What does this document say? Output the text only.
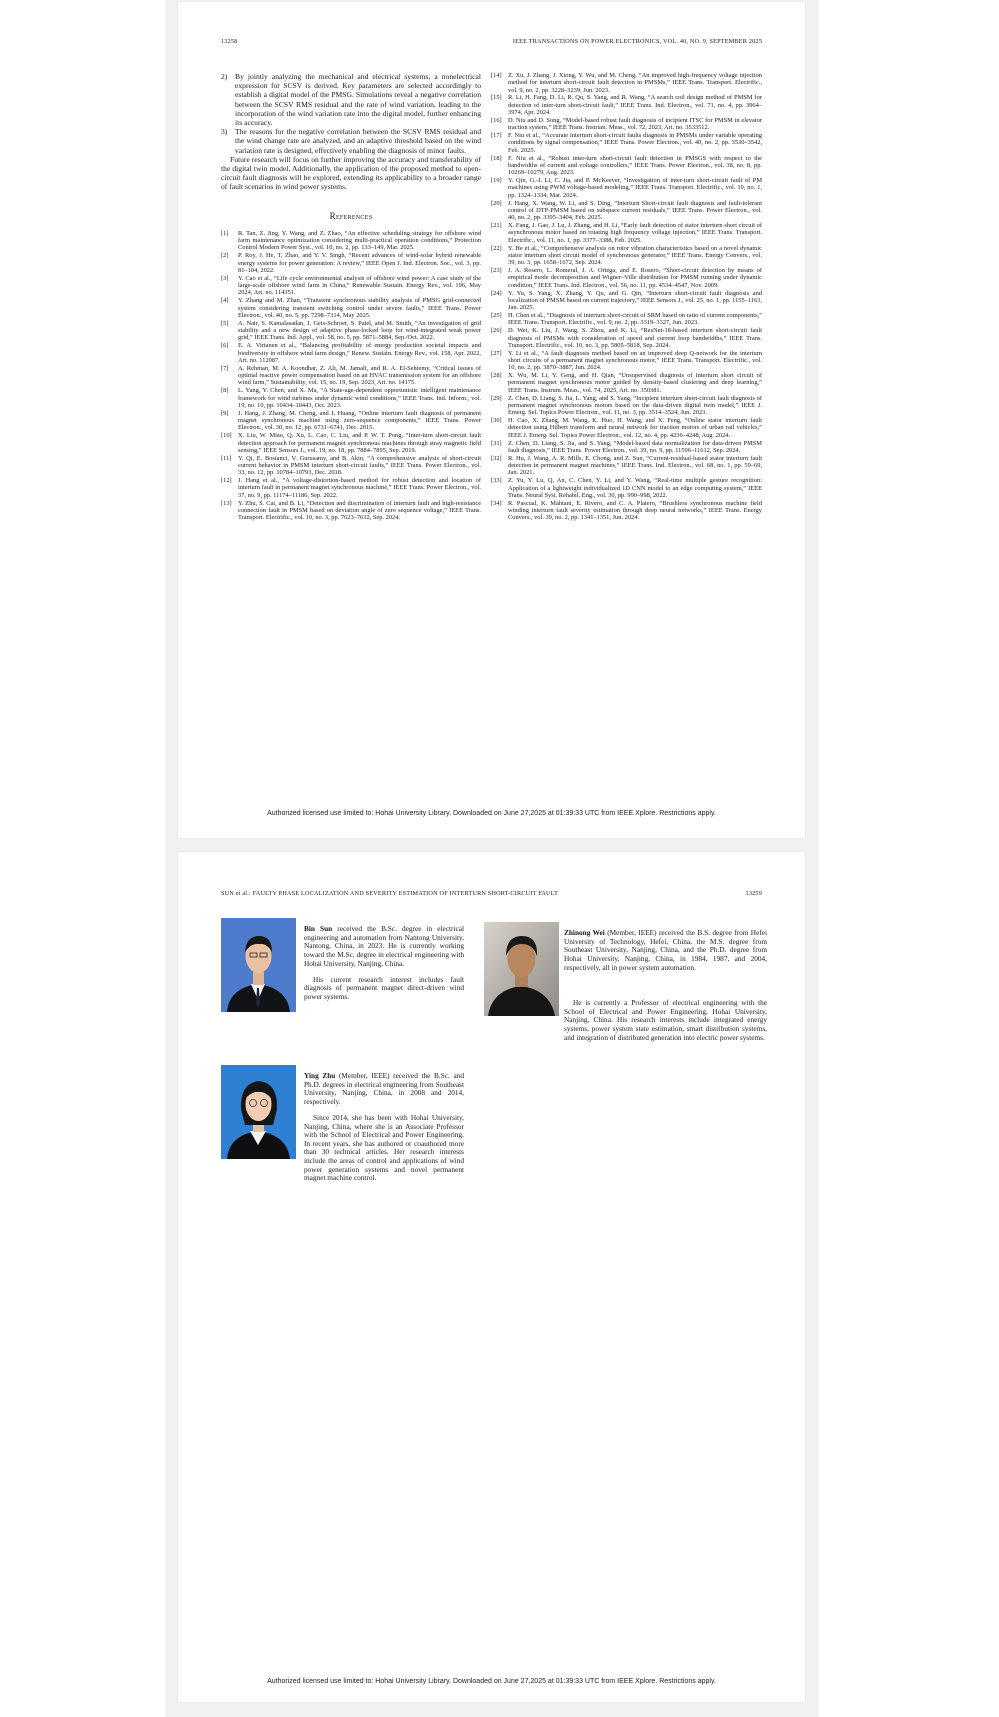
13258	IEEE TRANSACTIONS ON POWER ELECTRONICS, VOL. 40, NO. 9, SEPTEMBER 2025
2) By jointly analyzing the mechanical and electrical systems, a nonelectrical expression for SCSV is derived. Key parameters are selected accordingly to establish a digital model of the PMSG. Simulations reveal a negative correlation between the SCSV RMS residual and the rate of wind variation, leading to the incorporation of the wind variation rate into the digital model, further enhancing its accuracy.
3) The reasons for the negative correlation between the SCSV RMS residual and the wind change rate are analyzed, and an adaptive threshold based on the wind variation rate is designed, effectively enabling the diagnosis of minor faults.

Future research will focus on further improving the accuracy and transferability of the digital twin model. Additionally, the application of the proposed method to open-circuit fault diagnosis will be explored, extending its applicability to a broader range of fault scenarios in wind power systems.

References
[1] R. Tan, Z. Jing, Y. Wang, and Z. Zhao, “An effective scheduling strategy for offshore wind farm maintenance optimization considering multi-practical operation conditions,” Protection Control Modern Power Syst., vol. 10, no. 2, pp. 133–149, Mar. 2025.
[2] P. Roy, J. He, T. Zhao, and Y. V. Singh, “Recent advances of wind-solar hybrid renewable energy systems for power generation: A review,” IEEE Open J. Ind. Electron. Soc., vol. 3, pp. 81–104, 2022.
[3] Y. Cao et al., “Life cycle environmental analysis of offshore wind power: A case study of the large-scale offshore wind farm in China,” Renewable Sustain. Energy Rev., vol. 196, May 2024, Art. no. 114351.
[4] Y. Zhang and M. Zhan, “Transient synchronous stability analysis of PMSG grid-connected system considering transient switching control under severe faults,” IEEE Trans. Power Electron., vol. 40, no. 5, pp. 7298–7314, May 2025.
[5] A. Nair, S. Kamalasadan, J. Geis-Schroer, S. Patel, and M. Smith, “An investigation of grid stability and a new design of adaptive phase-locked loop for wind-integrated weak power grid,” IEEE Trans. Ind. Appl., vol. 58, no. 5, pp. 5871–5884, Sep./Oct. 2022.
[6] E. A. Virtanen et al., “Balancing profitability of energy production societal impacts and biodiversity in offshore wind farm design,” Renew. Sustain. Energy Rev., vol. 158, Apr. 2022, Art. no. 112087.
[7] A. Rehman, M. A. Koondhar, Z. Ali, M. Jamali, and R. A. El-Sehiemy, “Critical issues of optimal reactive power compensation based on an HVAC transmission system for an offshore wind farm,” Sustainability, vol. 15, no. 19, Sep. 2023, Art. no. 14175.
[8] L. Yang, Y. Chen, and X. Ma, “A State-age-dependent opportunistic intelligent maintenance framework for wind turbines under dynamic wind conditions,” IEEE Trans. Ind. Inform., vol. 19, no. 10, pp. 10434–10443, Oct. 2023.
[9] J. Hang, J. Zhang, M. Cheng, and J. Huang, “Online interturn fault diagnosis of permanent magnet synchronous machine using zero-sequence components,” IEEE Trans. Power Electron., vol. 30, no. 12, pp. 6731–6741, Dec. 2015.
[10] X. Liu, W. Miao, Q. Xu, L. Cao, C. Liu, and P. W. T. Pong, “Inter-turn short-circuit fault detection approach for permanent magnet synchronous machines through stray magnetic field sensing,” IEEE Sensors J., vol. 19, no. 18, pp. 7884–7895, Sep. 2019.
[11] Y. Qi, E. Bostanci, V. Gurusamy, and B. Akin, “A comprehensive analysis of short-circuit current behavior in PMSM interturn short-circuit faults,” IEEE Trans. Power Electron., vol. 33, no. 12, pp. 10784–10793, Dec. 2018.
[12] J. Hang et al., “A voltage-distortion-based method for robust detection and location of interturn fault in permanent magnet synchronous machine,” IEEE Trans. Power Electron., vol. 37, no. 9, pp. 11174–11186, Sep. 2022.
[13] Y. Zhu, S. Cai, and B. Li, “Detection and discrimination of interturn fault and high-resistance connection fault in PMSM based on deviation angle of zero sequence voltage,” IEEE Trans. Transport. Electrific., vol. 10, no. 3, pp. 7623–7632, Sep. 2024.
[14] Z. Xu, J. Zhang, J. Xiong, Y. Wu, and M. Cheng, “An improved high-frequency voltage injection method for interturn short-circuit fault detection in PMSMs,” IEEE Trans. Transport. Electrific., vol. 9, no. 2, pp. 3228–3239, Jun. 2023.
[15] R. Li, H. Fang, D. Li, R. Qu, S. Yang, and R. Wang, “A search coil design method of PMSM for detection of inter-turn short-circuit fault,” IEEE Trans. Ind. Electron., vol. 71, no. 4, pp. 3964–3974, Apr. 2024.
[16] D. Niu and D. Song, “Model-based robust fault diagnosis of incipient ITSC for PMSM in elevator traction system,” IEEE Trans. Instrum. Meas., vol. 72, 2023, Art. no. 3533512.
[17] F. Niu et al., “Accurate interturn short-circuit faults diagnosis in PMSMs under variable operating conditions by signal compensation,” IEEE Trans. Power Electron., vol. 40, no. 2, pp. 3530–3542, Feb. 2025.
[18] F. Niu et al., “Robust inter-turn short-circuit fault detection in PMSGS with respect to the bandwidths of current and voltage controllers,” IEEE Trans. Power Electron., vol. 38, no. 8, pp. 10269–10279, Aug. 2023.
[19] Y. Qin, G.-J. Li, C. Jia, and P. McKeever, “Investigation of inter-turn short-circuit fault of PM machines using PWM voltage-based modeling,” IEEE Trans. Transport. Electrific., vol. 10, no. 1, pp. 1324–1334, Mar. 2024.
[20] J. Hang, X. Wang, W. Li, and S. Ding, “Interturn Short-circuit fault diagnosis and fault-tolerant control of DTP-PMSM based on subspace current residuals,” IEEE Trans. Power Electron., vol. 40, no. 2, pp. 3395–3404, Feb. 2025.
[21] X. Fang, J. Gao, J. Lu, J. Zhang, and H. Li, “Early fault detection of stator interturn short circuit of asynchronous motor based on rotating high frequency voltage injection,” IEEE Trans. Transport. Electrific., vol. 11, no. 1, pp. 3377–3388, Feb. 2025.
[22] Y. He et al., “Comprehensive analysis on rotor vibration characteristics based on a novel dynamic stator interturn short circuit model of synchronous generator,” IEEE Trans. Energy Convers., vol. 39, no. 3, pp. 1658–1672, Sep. 2024.
[23] J. A. Rosero, L. Romeral, J. A. Ortega, and E. Rosero, “Short-circuit detection by means of empirical mode decomposition and Wigner–Ville distribution for PMSM running under dynamic condition,” IEEE Trans. Ind. Electron., vol. 56, no. 11, pp. 4534–4547, Nov. 2009.
[24] Y. Yu, S. Yang, X. Zhang, Y. Qu, and G. Qin, “Interturn short-circuit fault diagnosis and localization of PMSM based on current trajectory,” IEEE Sensors J., vol. 25, no. 1, pp. 1155–1163, Jan. 2025.
[25] H. Chen et al., “Diagnosis of interturn short-circuit of SRM based on ratio of current components,” IEEE Trans. Transport. Electrific., vol. 9, no. 2, pp. 3319–3327, Jun. 2023.
[26] D. Wei, K. Liu, J. Wang, S. Zhou, and K. Li, “ResNet-18-based interturn short-circuit fault diagnosis of PMSMs with consideration of speed and current loop bandwidths,” IEEE Trans. Transport. Electrific., vol. 10, no. 3, pp. 5805–5818, Sep. 2024.
[27] Y. Li et al., “A fault diagnosis method based on an improved deep Q-network for the interturn short circuits of a permanent magnet synchronous motor,” IEEE Trans. Transport. Electrific., vol. 10, no. 2, pp. 3870–3887, Jun. 2024.
[28] X. Wu, M. Li, Y. Geng, and H. Qian, “Unsupervised diagnosis of interturn short circuit of permanent magnet synchronous motor guided by density-based clustering and deep learning,” IEEE Trans. Instrum. Meas., vol. 74, 2025, Art. no. 350381.
[29] Z. Chen, D. Liang, S. Jia, L. Yang, and S. Yang, “Incipient interturn short-circuit fault diagnosis of permanent magnet synchronous motors based on the data-driven digital twin model,” IEEE J. Emerg. Sel. Topics Power Electron., vol. 11, no. 3, pp. 3514–3524, Jun. 2023.
[30] H. Cao, X. Zhang, M. Wang, K. Huo, H. Wang, and X. Feng, “Online stator interturn fault detection using Hilbert transform and neural network for traction motors of urban rail vehicles,” IEEE J. Emerg. Sel. Topics Power Electron., vol. 12, no. 4, pp. 4236–4248, Aug. 2024.
[31] Z. Chen, D. Liang, S. Jia, and S. Yang, “Model-based data normalization for data-driven PMSM fault diagnosis,” IEEE Trans. Power Electron., vol. 39, no. 9, pp. 11596–11612, Sep. 2024.
[32] R. Hu, J. Wang, A. R. Mills, E. Chong, and Z. Sun, “Current-residual-based stator interturn fault detection in permanent magnet machines,” IEEE Trans. Ind. Electron., vol. 68, no. 1, pp. 59–69, Jan. 2021.
[33] Z. Yu, Y. Lu, Q. An, C. Chen, Y. Li, and Y. Wang, “Real-time multiple gesture recognition: Application of a lightweight individualized 1D CNN model to an edge computing system,” IEEE Trans. Neural Syst. Rehabil. Eng., vol. 30, pp. 990–998, 2022.
[34] R. Pascual, K. Mahtani, E. Rivero, and C. A. Platero, “Brushless synchronous machine field winding interturn fault severity estimation through deep neural networks,” IEEE Trans. Energy Convers., vol. 39, no. 2, pp. 1341–1351, Jun. 2024.
Authorized licensed use limited to: Hohai University Library. Downloaded on June 27,2025 at 01:39:33 UTC from IEEE Xplore. Restrictions apply.
SUN et al.: FAULTY PHASE LOCALIZATION AND SEVERITY ESTIMATION OF INTERTURN SHORT-CIRCUIT FAULT	13259

Bin Sun received the B.Sc. degree in electrical engineering and automation from Nantong University, Nantong, China, in 2023. He is currently working toward the M.Sc. degree in electrical engineering with Hohai University, Nanjing, China.

His current research interest includes fault diagnosis of permanent magnet direct-driven wind power systems.

Zhinong Wei (Member, IEEE) received the B.S. degree from Hefei University of Technology, Hefei, China, the M.S. degree from Southeast University, Nanjing, China, and the Ph.D. degree from Hohai University, Nanjing, China, in 1984, 1987, and 2004, respectively, all in power system automation.

He is currently a Professor of electrical engineering with the School of Electrical and Power Engineering, Hohai University, Nanjing, China. His research interests include integrated energy systems, power system state estimation, smart distribution systems, and integration of distributed generation into electric power systems.

Ying Zhu (Member, IEEE) received the B.Sc. and Ph.D. degrees in electrical engineering from Southeast University, Nanjing, China, in 2008 and 2014, respectively.

Since 2014, she has been with Hohai University, Nanjing, China, where she is an Associate Professor with the School of Electrical and Power Engineering. In recent years, she has authored or coauthored more than 30 technical articles. Her research interests include the areas of control and applications of wind power generation systems and novel permanent magnet machine control.

Authorized licensed use limited to: Hohai University Library. Downloaded on June 27,2025 at 01:39:33 UTC from IEEE Xplore. Restrictions apply.
